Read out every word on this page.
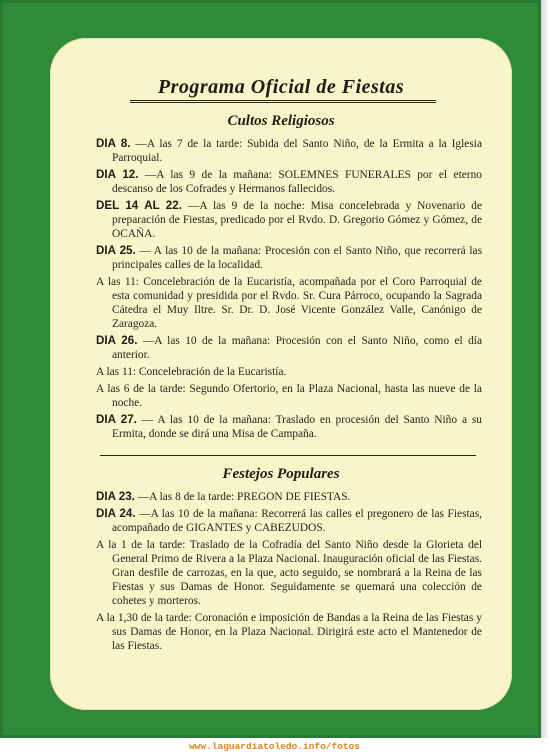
Programa Oficial de Fiestas
Cultos Religiosos
DIA 8. —A las 7 de la tarde: Subida del Santo Niño, de la Ermita a la Iglesia Parroquial.
DIA 12. —A las 9 de la mañana: SOLEMNES FUNERALES por el eterno descanso de los Cofrades y Hermanos fallecidos.
DEL 14 AL 22. —A las 9 de la noche: Misa concelebrada y Novenario de preparación de Fiestas, predicado por el Rvdo. D. Gregorio Gómez y Gómez, de OCAÑA.
DIA 25. — A las 10 de la mañana: Procesión con el Santo Niño, que recorrerá las principales calles de la localidad.
A las 11: Concelebración de la Eucaristía, acompañada por el Coro Parroquial de esta comunidad y presidida por el Rvdo. Sr. Cura Párroco, ocupando la Sagrada Cátedra el Muy Iltre. Sr. Dr. D. José Vicente González Valle, Canónigo de Zaragoza.
DIA 26. —A las 10 de la mañana: Procesión con el Santo Niño, como el día anterior.
A las 11: Concelebración de la Eucaristía.
A las 6 de la tarde: Segundo Ofertorio, en la Plaza Nacional, hasta las nueve de la noche.
DIA 27. — A las 10 de la mañana: Traslado en procesión del Santo Niño a su Ermita, donde se dirá una Misa de Campaña.
Festejos Populares
DIA 23. —A las 8 de la tarde: PREGON DE FIESTAS.
DIA 24. —A las 10 de la mañana: Recorrerá las calles el pregonero de las Fiestas, acompañado de GIGANTES y CABEZUDOS.
A la 1 de la tarde: Traslado de la Cofradía del Santo Niño desde la Glorieta del General Primo de Rivera a la Plaza Nacional. Inauguración oficial de las Fiestas. Gran desfile de carrozas, en la que, acto seguido, se nombrará a la Reina de las Fiestas y sus Damas de Honor. Seguidamente se quemará una colección de cohetes y morteros.
A la 1,30 de la tarde: Coronación e imposición de Bandas a la Reina de las Fiestas y sus Damas de Honor, en la Plaza Nacional. Dirigirá este acto el Mantenedor de las Fiestas.
www.laguardiatoledo.info/fotos
